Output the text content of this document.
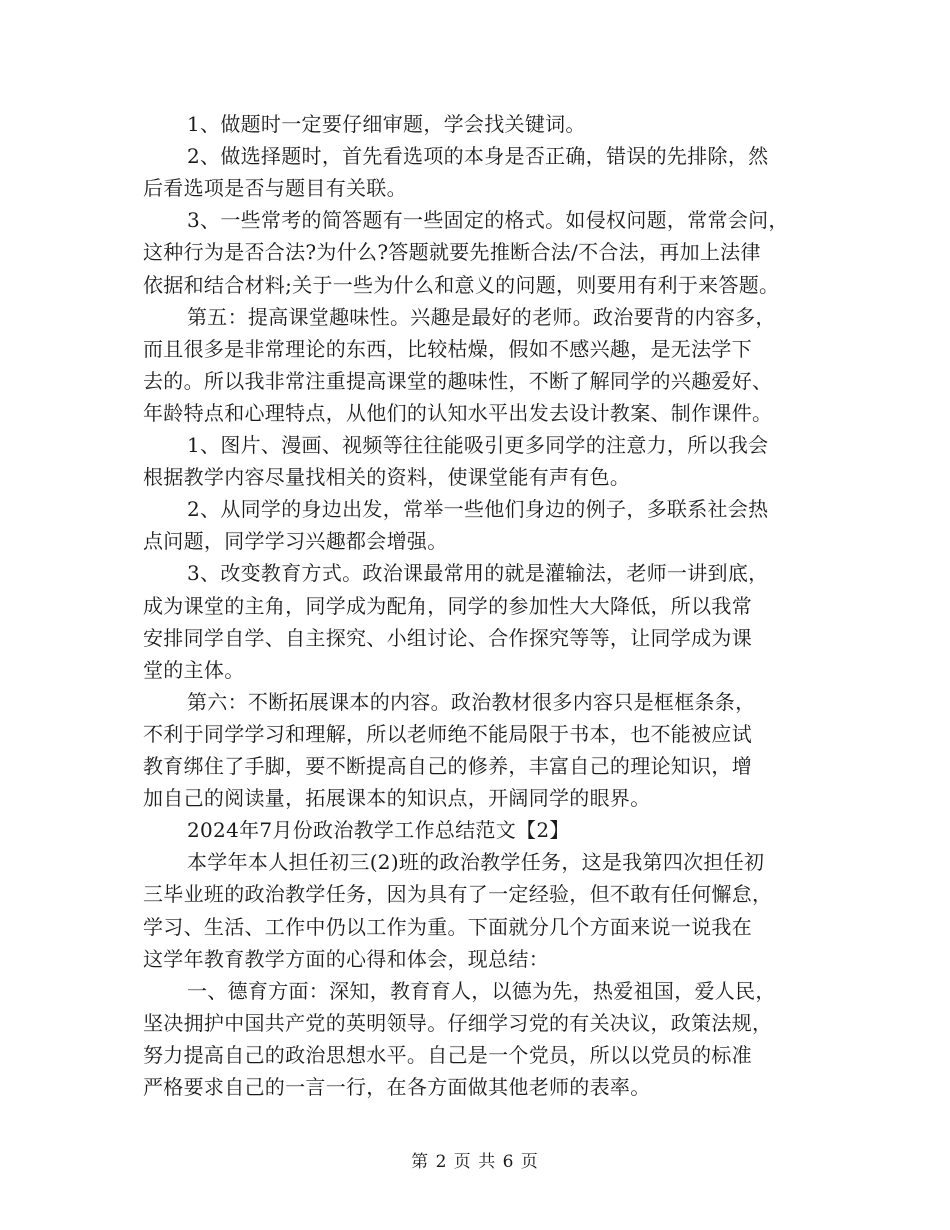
1、做题时一定要仔细审题，学会找关键词。
2、做选择题时，首先看选项的本身是否正确，错误的先排除，然
后看选项是否与题目有关联。
3、一些常考的简答题有一些固定的格式。如侵权问题，常常会问，
这种行为是否合法?为什么?答题就要先推断合法/不合法，再加上法律
依据和结合材料;关于一些为什么和意义的问题，则要用有利于来答题。
第五：提高课堂趣味性。兴趣是最好的老师。政治要背的内容多，
而且很多是非常理论的东西，比较枯燥，假如不感兴趣，是无法学下
去的。所以我非常注重提高课堂的趣味性，不断了解同学的兴趣爱好、
年龄特点和心理特点，从他们的认知水平出发去设计教案、制作课件。
1、图片、漫画、视频等往往能吸引更多同学的注意力，所以我会
根据教学内容尽量找相关的资料，使课堂能有声有色。
2、从同学的身边出发，常举一些他们身边的例子，多联系社会热
点问题，同学学习兴趣都会增强。
3、改变教育方式。政治课最常用的就是灌输法，老师一讲到底，
成为课堂的主角，同学成为配角，同学的参加性大大降低，所以我常
安排同学自学、自主探究、小组讨论、合作探究等等，让同学成为课
堂的主体。
第六：不断拓展课本的内容。政治教材很多内容只是框框条条，
不利于同学学习和理解，所以老师绝不能局限于书本，也不能被应试
教育绑住了手脚，要不断提高自己的修养，丰富自己的理论知识，增
加自己的阅读量，拓展课本的知识点，开阔同学的眼界。
2024年7月份政治教学工作总结范文【2】
本学年本人担任初三(2)班的政治教学任务，这是我第四次担任初
三毕业班的政治教学任务，因为具有了一定经验，但不敢有任何懈怠，
学习、生活、工作中仍以工作为重。下面就分几个方面来说一说我在
这学年教育教学方面的心得和体会，现总结：
一、德育方面：深知，教育育人，以德为先，热爱祖国，爱人民，
坚决拥护中国共产党的英明领导。仔细学习党的有关决议，政策法规，
努力提高自己的政治思想水平。自己是一个党员，所以以党员的标准
严格要求自己的一言一行，在各方面做其他老师的表率。
第 2 页 共 6 页
